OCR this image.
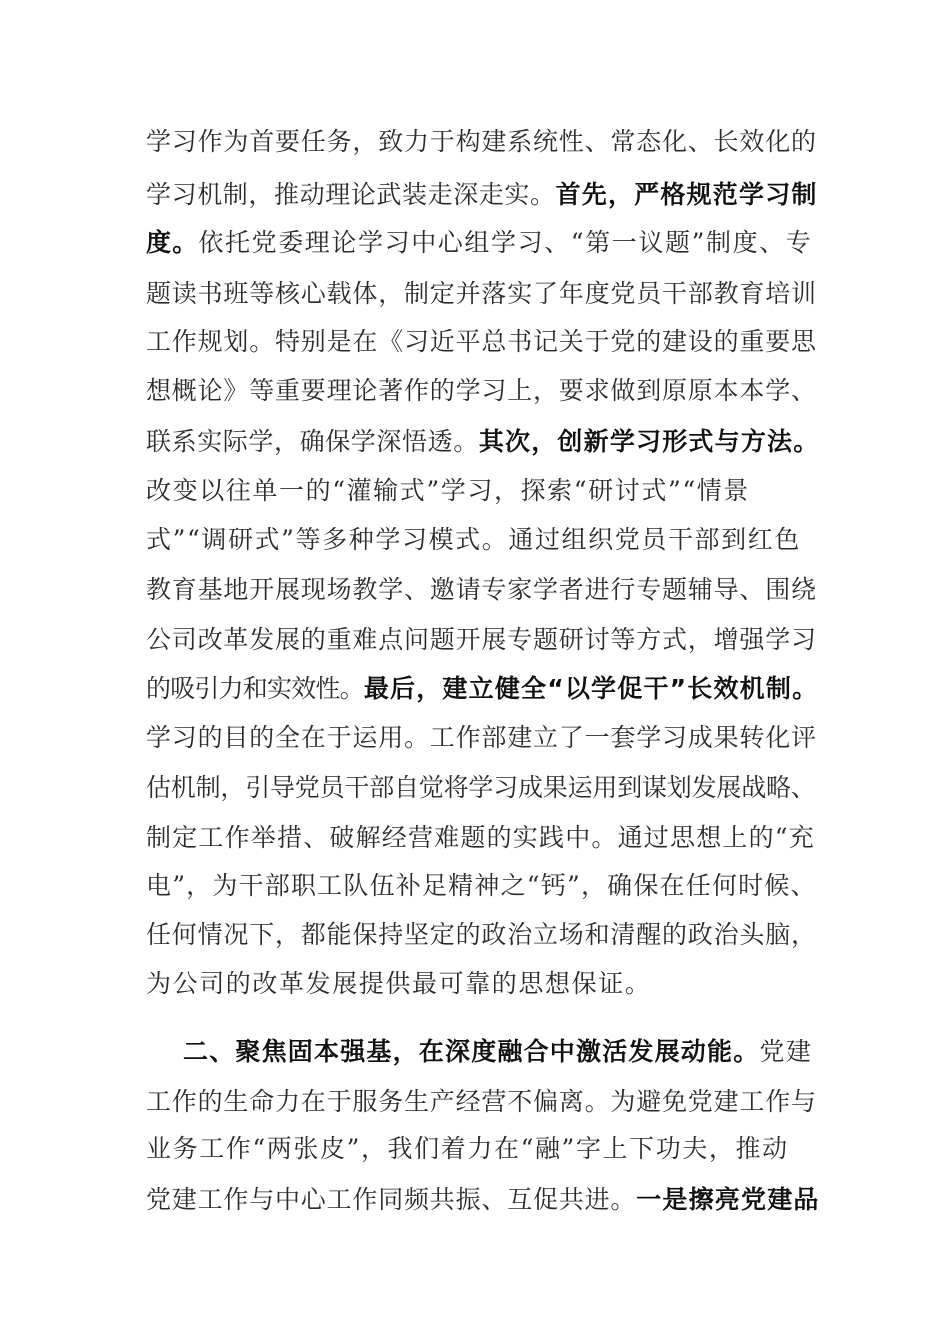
学习作为首要任务，致力于构建系统性、常态化、长效化的
学习机制，推动理论武装走深走实。首先，严格规范学习制
度。依托党委理论学习中心组学习、“第一议题”制度、专
题读书班等核心载体，制定并落实了年度党员干部教育培训
工作规划。特别是在《习近平总书记关于党的建设的重要思
想概论》等重要理论著作的学习上，要求做到原原本本学、
联系实际学，确保学深悟透。其次，创新学习形式与方法。
改变以往单一的“灌输式”学习，探索“研讨式”“情景
式”“调研式”等多种学习模式。通过组织党员干部到红色
教育基地开展现场教学、邀请专家学者进行专题辅导、围绕
公司改革发展的重难点问题开展专题研讨等方式，增强学习
的吸引力和实效性。最后，建立健全“以学促干”长效机制。
学习的目的全在于运用。工作部建立了一套学习成果转化评
估机制，引导党员干部自觉将学习成果运用到谋划发展战略、
制定工作举措、破解经营难题的实践中。通过思想上的“充
电”，为干部职工队伍补足精神之“钙”，确保在任何时候、
任何情况下，都能保持坚定的政治立场和清醒的政治头脑，
为公司的改革发展提供最可靠的思想保证。
二、聚焦固本强基，在深度融合中激活发展动能。党建
工作的生命力在于服务生产经营不偏离。为避免党建工作与
业务工作“两张皮”，我们着力在“融”字上下功夫，推动
党建工作与中心工作同频共振、互促共进。一是擦亮党建品
